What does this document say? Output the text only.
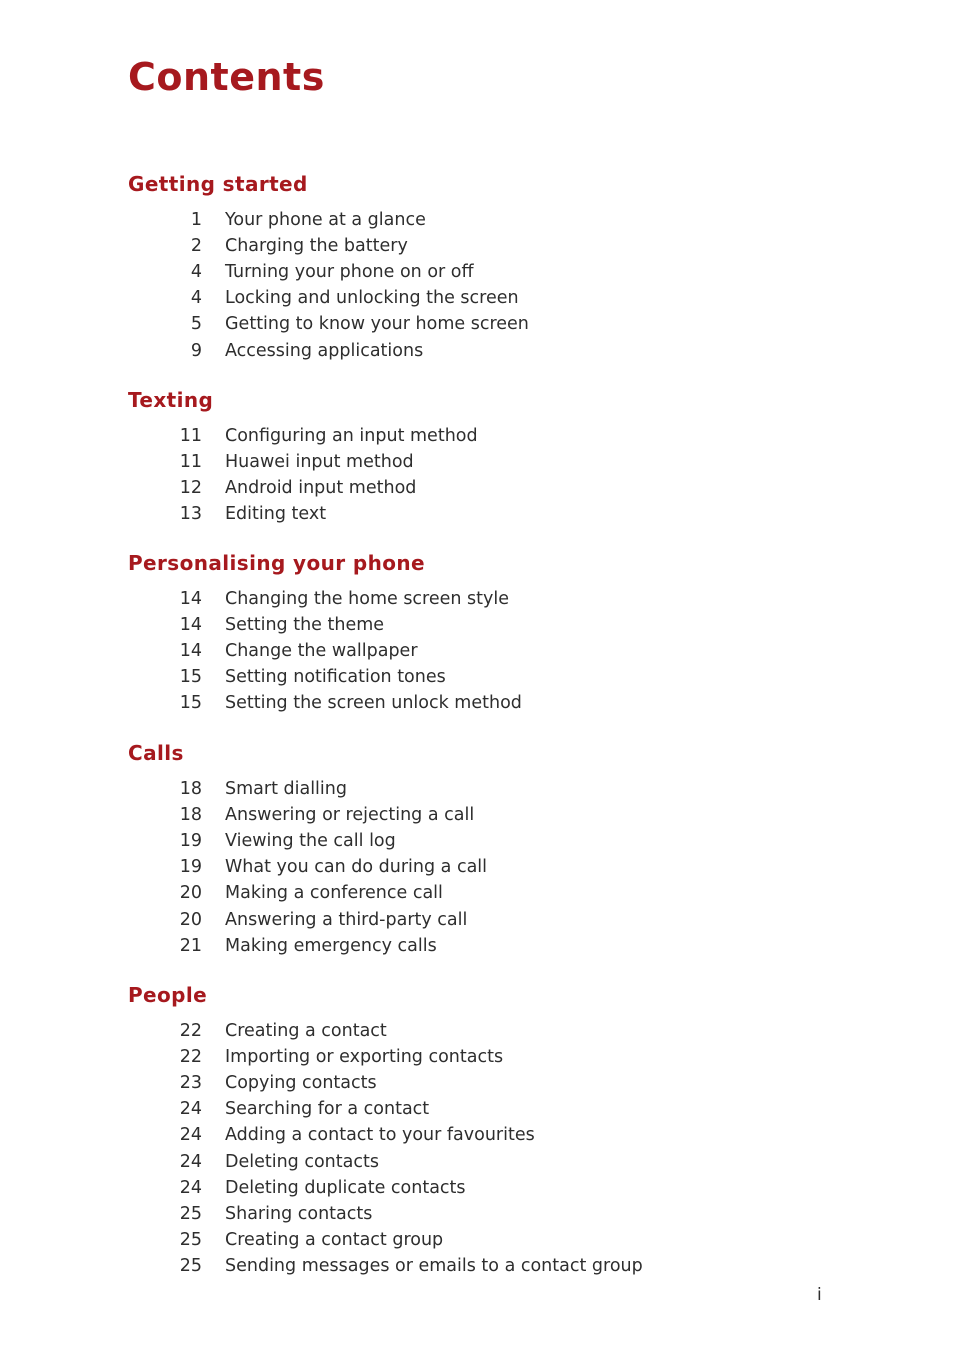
Contents
Getting started
1 Your phone at a glance
2 Charging the battery
4 Turning your phone on or off
4 Locking and unlocking the screen
5 Getting to know your home screen
9 Accessing applications
Texting
11 Configuring an input method
11 Huawei input method
12 Android input method
13 Editing text
Personalising your phone
14 Changing the home screen style
14 Setting the theme
14 Change the wallpaper
15 Setting notification tones
15 Setting the screen unlock method
Calls
18 Smart dialling
18 Answering or rejecting a call
19 Viewing the call log
19 What you can do during a call
20 Making a conference call
20 Answering a third-party call
21 Making emergency calls
People
22 Creating a contact
22 Importing or exporting contacts
23 Copying contacts
24 Searching for a contact
24 Adding a contact to your favourites
24 Deleting contacts
24 Deleting duplicate contacts
25 Sharing contacts
25 Creating a contact group
25 Sending messages or emails to a contact group
i
